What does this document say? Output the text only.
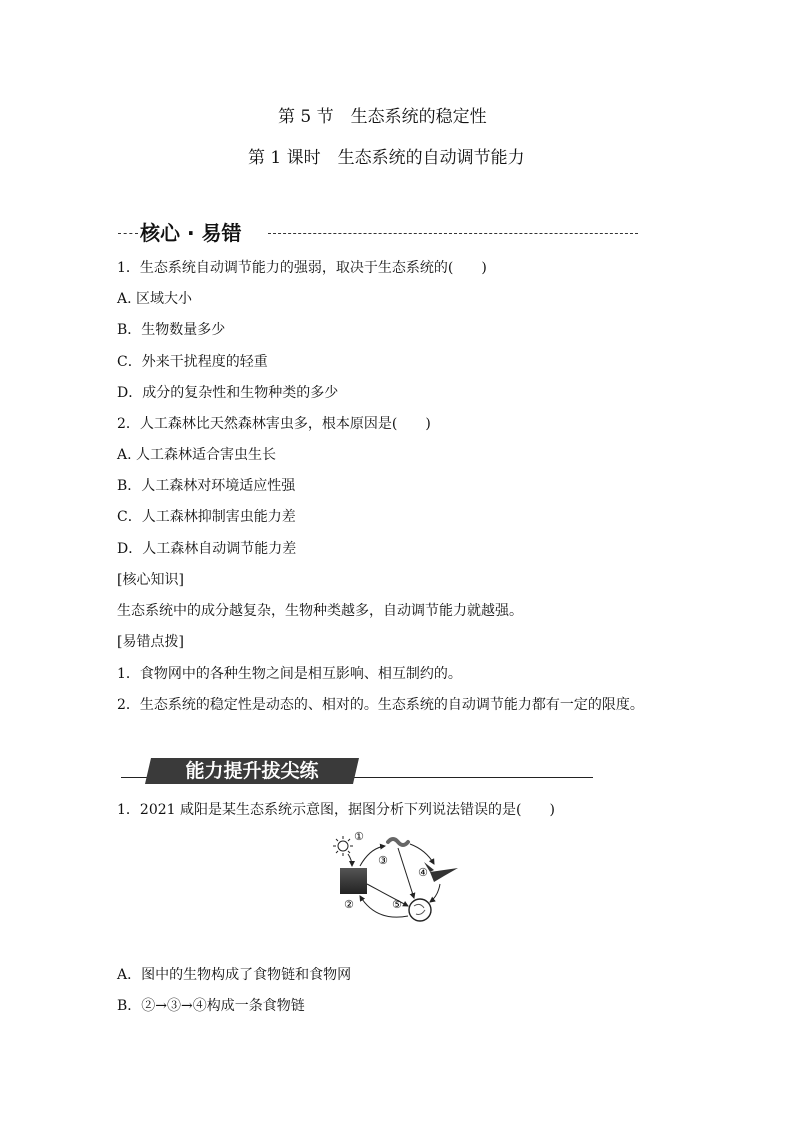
第 5 节　生态系统的稳定性
第 1 课时　生态系统的自动调节能力
核心 · 易错
1．生态系统自动调节能力的强弱，取决于生态系统的(　　)
A. 区域大小
B．生物数量多少
C．外来干扰程度的轻重
D．成分的复杂性和生物种类的多少
2．人工森林比天然森林害虫多，根本原因是(　　)
A. 人工森林适合害虫生长
B．人工森林对环境适应性强
C．人工森林抑制害虫能力差
D．人工森林自动调节能力差
[核心知识]
生态系统中的成分越复杂，生物种类越多，自动调节能力就越强。
[易错点拨]
1．食物网中的各种生物之间是相互影响、相互制约的。
2．生态系统的稳定性是动态的、相对的。生态系统的自动调节能力都有一定的限度。
能力提升拔尖练
1．2021 咸阳是某生态系统示意图，据图分析下列说法错误的是(　　)
①
②
③
④
⑤
A．图中的生物构成了食物链和食物网
B．②→③→④构成一条食物链
